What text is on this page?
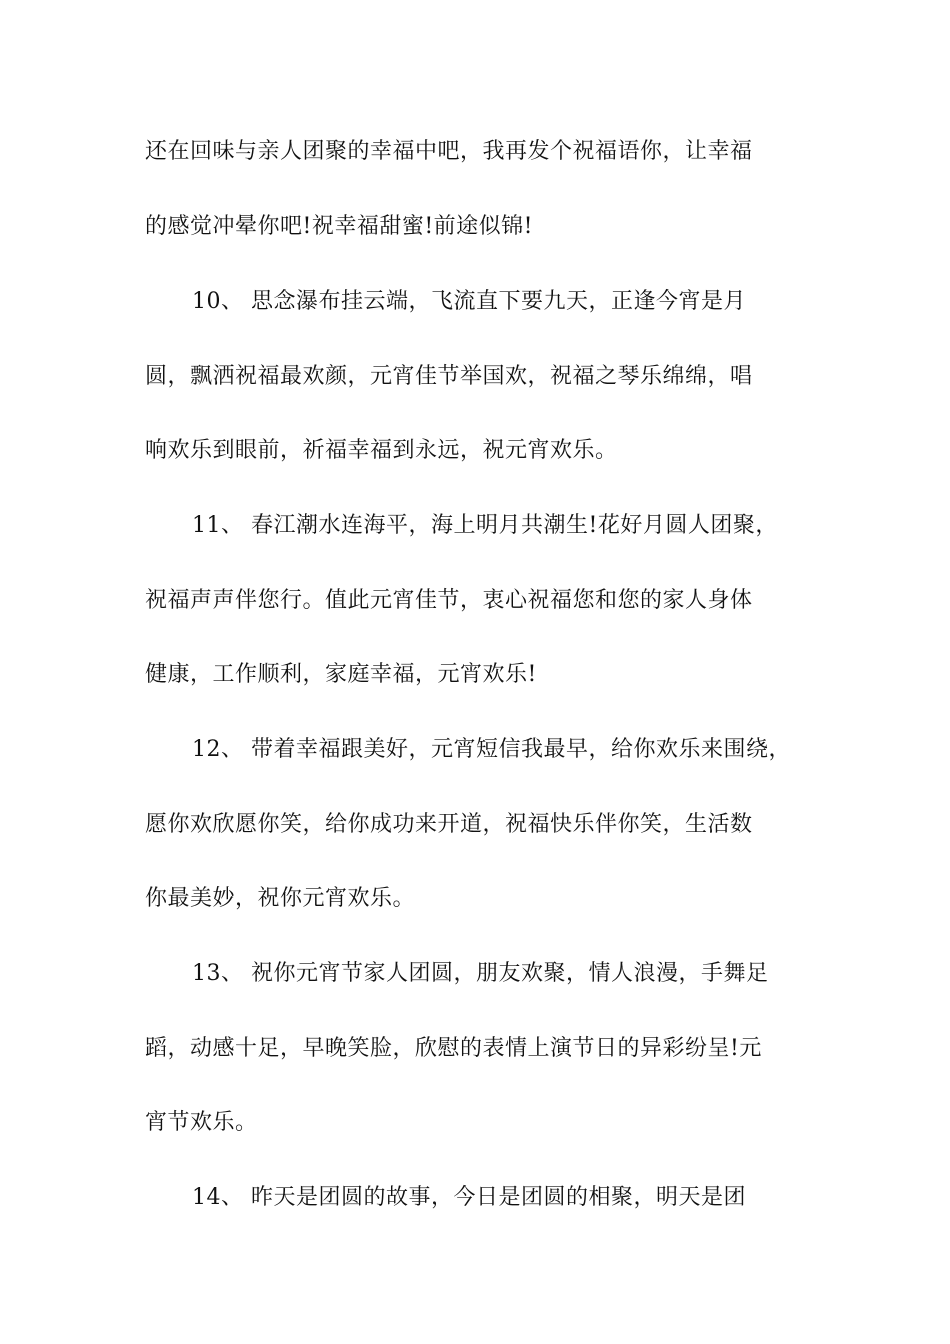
还在回味与亲人团聚的幸福中吧，我再发个祝福语你，让幸福
的感觉冲晕你吧!祝幸福甜蜜!前途似锦!
10、 思念瀑布挂云端，飞流直下要九天，正逢今宵是月
圆，飘洒祝福最欢颜，元宵佳节举国欢，祝福之琴乐绵绵，唱
响欢乐到眼前，祈福幸福到永远，祝元宵欢乐。
11、 春江潮水连海平，海上明月共潮生!花好月圆人团聚，
祝福声声伴您行。值此元宵佳节，衷心祝福您和您的家人身体
健康，工作顺利，家庭幸福，元宵欢乐!
12、 带着幸福跟美好，元宵短信我最早，给你欢乐来围绕，
愿你欢欣愿你笑，给你成功来开道，祝福快乐伴你笑，生活数
你最美妙，祝你元宵欢乐。
13、 祝你元宵节家人团圆，朋友欢聚，情人浪漫，手舞足
蹈，动感十足，早晚笑脸，欣慰的表情上演节日的异彩纷呈!元
宵节欢乐。
14、 昨天是团圆的故事，今日是团圆的相聚，明天是团
